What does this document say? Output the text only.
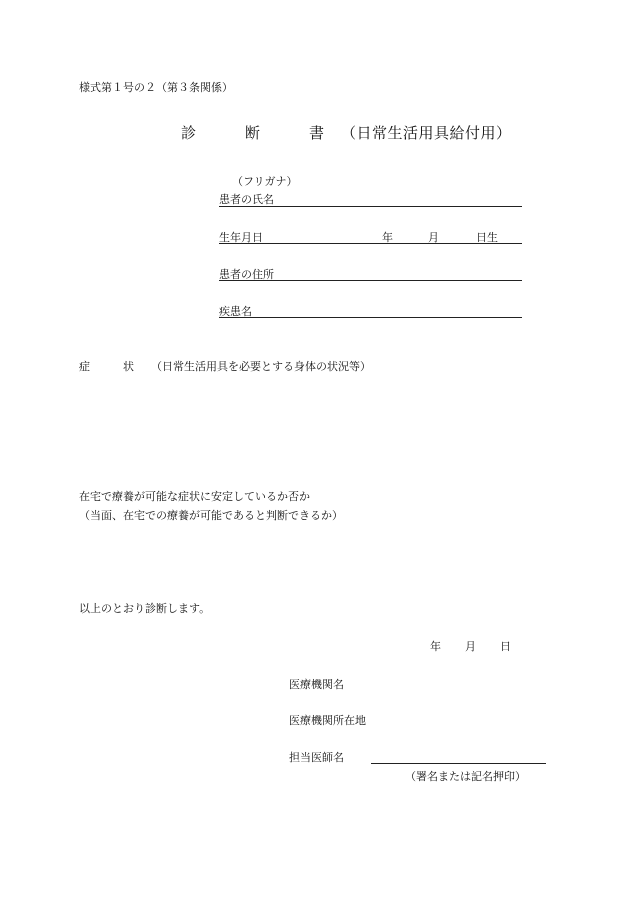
様式第１号の２（第３条関係）
診　断　書（日常生活用具給付用）
（フリガナ）
患者の氏名
生年月日	年	月	日生
患者の住所
疾患名
症　状 （日常生活用具を必要とする身体の状況等）
在宅で療養が可能な症状に安定しているか否か
（当面、在宅での療養が可能であると判断できるか）
以上のとおり診断します。
年 月 日
医療機関名
医療機関所在地
担当医師名
（署名または記名押印）
